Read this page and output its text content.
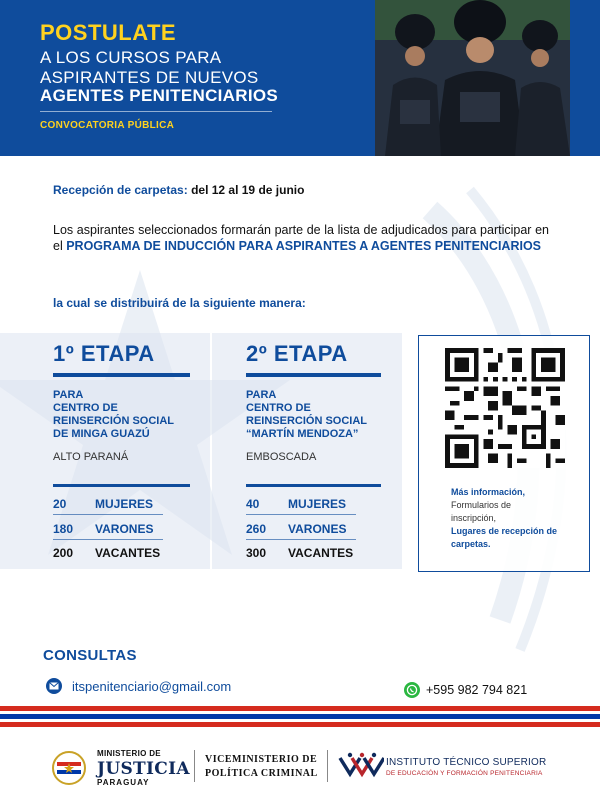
POSTULATE
A LOS CURSOS PARA ASPIRANTES DE NUEVOS
AGENTES PENITENCIARIOS
CONVOCATORIA PÚBLICA
Recepción de carpetas: del 12 al 19 de junio
Los aspirantes seleccionados formarán parte de la lista de adjudicados para participar en el PROGRAMA DE INDUCCIÓN PARA ASPIRANTES A AGENTES PENITENCIARIOS
la cual se distribuirá de la siguiente manera:
1º ETAPA
PARA
CENTRO DE
REINSERCIÓN SOCIAL
DE MINGA GUAZÚ
ALTO PARANÁ
20 MUJERES
180 VARONES
200 VACANTES
2º ETAPA
PARA
CENTRO DE
REINSERCIÓN SOCIAL
“MARTÍN MENDOZA”
EMBOSCADA
40 MUJERES
260 VARONES
300 VACANTES
Más información,
Formularios de
inscripción,
Lugares de recepción de carpetas.
CONSULTAS
itspenitenciario@gmail.com	+595 982 794 821
MINISTERIO DE
JUSTICIA
PARAGUAY
VICEMINISTERIO DE
POLÍTICA CRIMINAL
INSTITUTO TÉCNICO SUPERIOR
DE EDUCACIÓN Y FORMACIÓN PENITENCIARIA
